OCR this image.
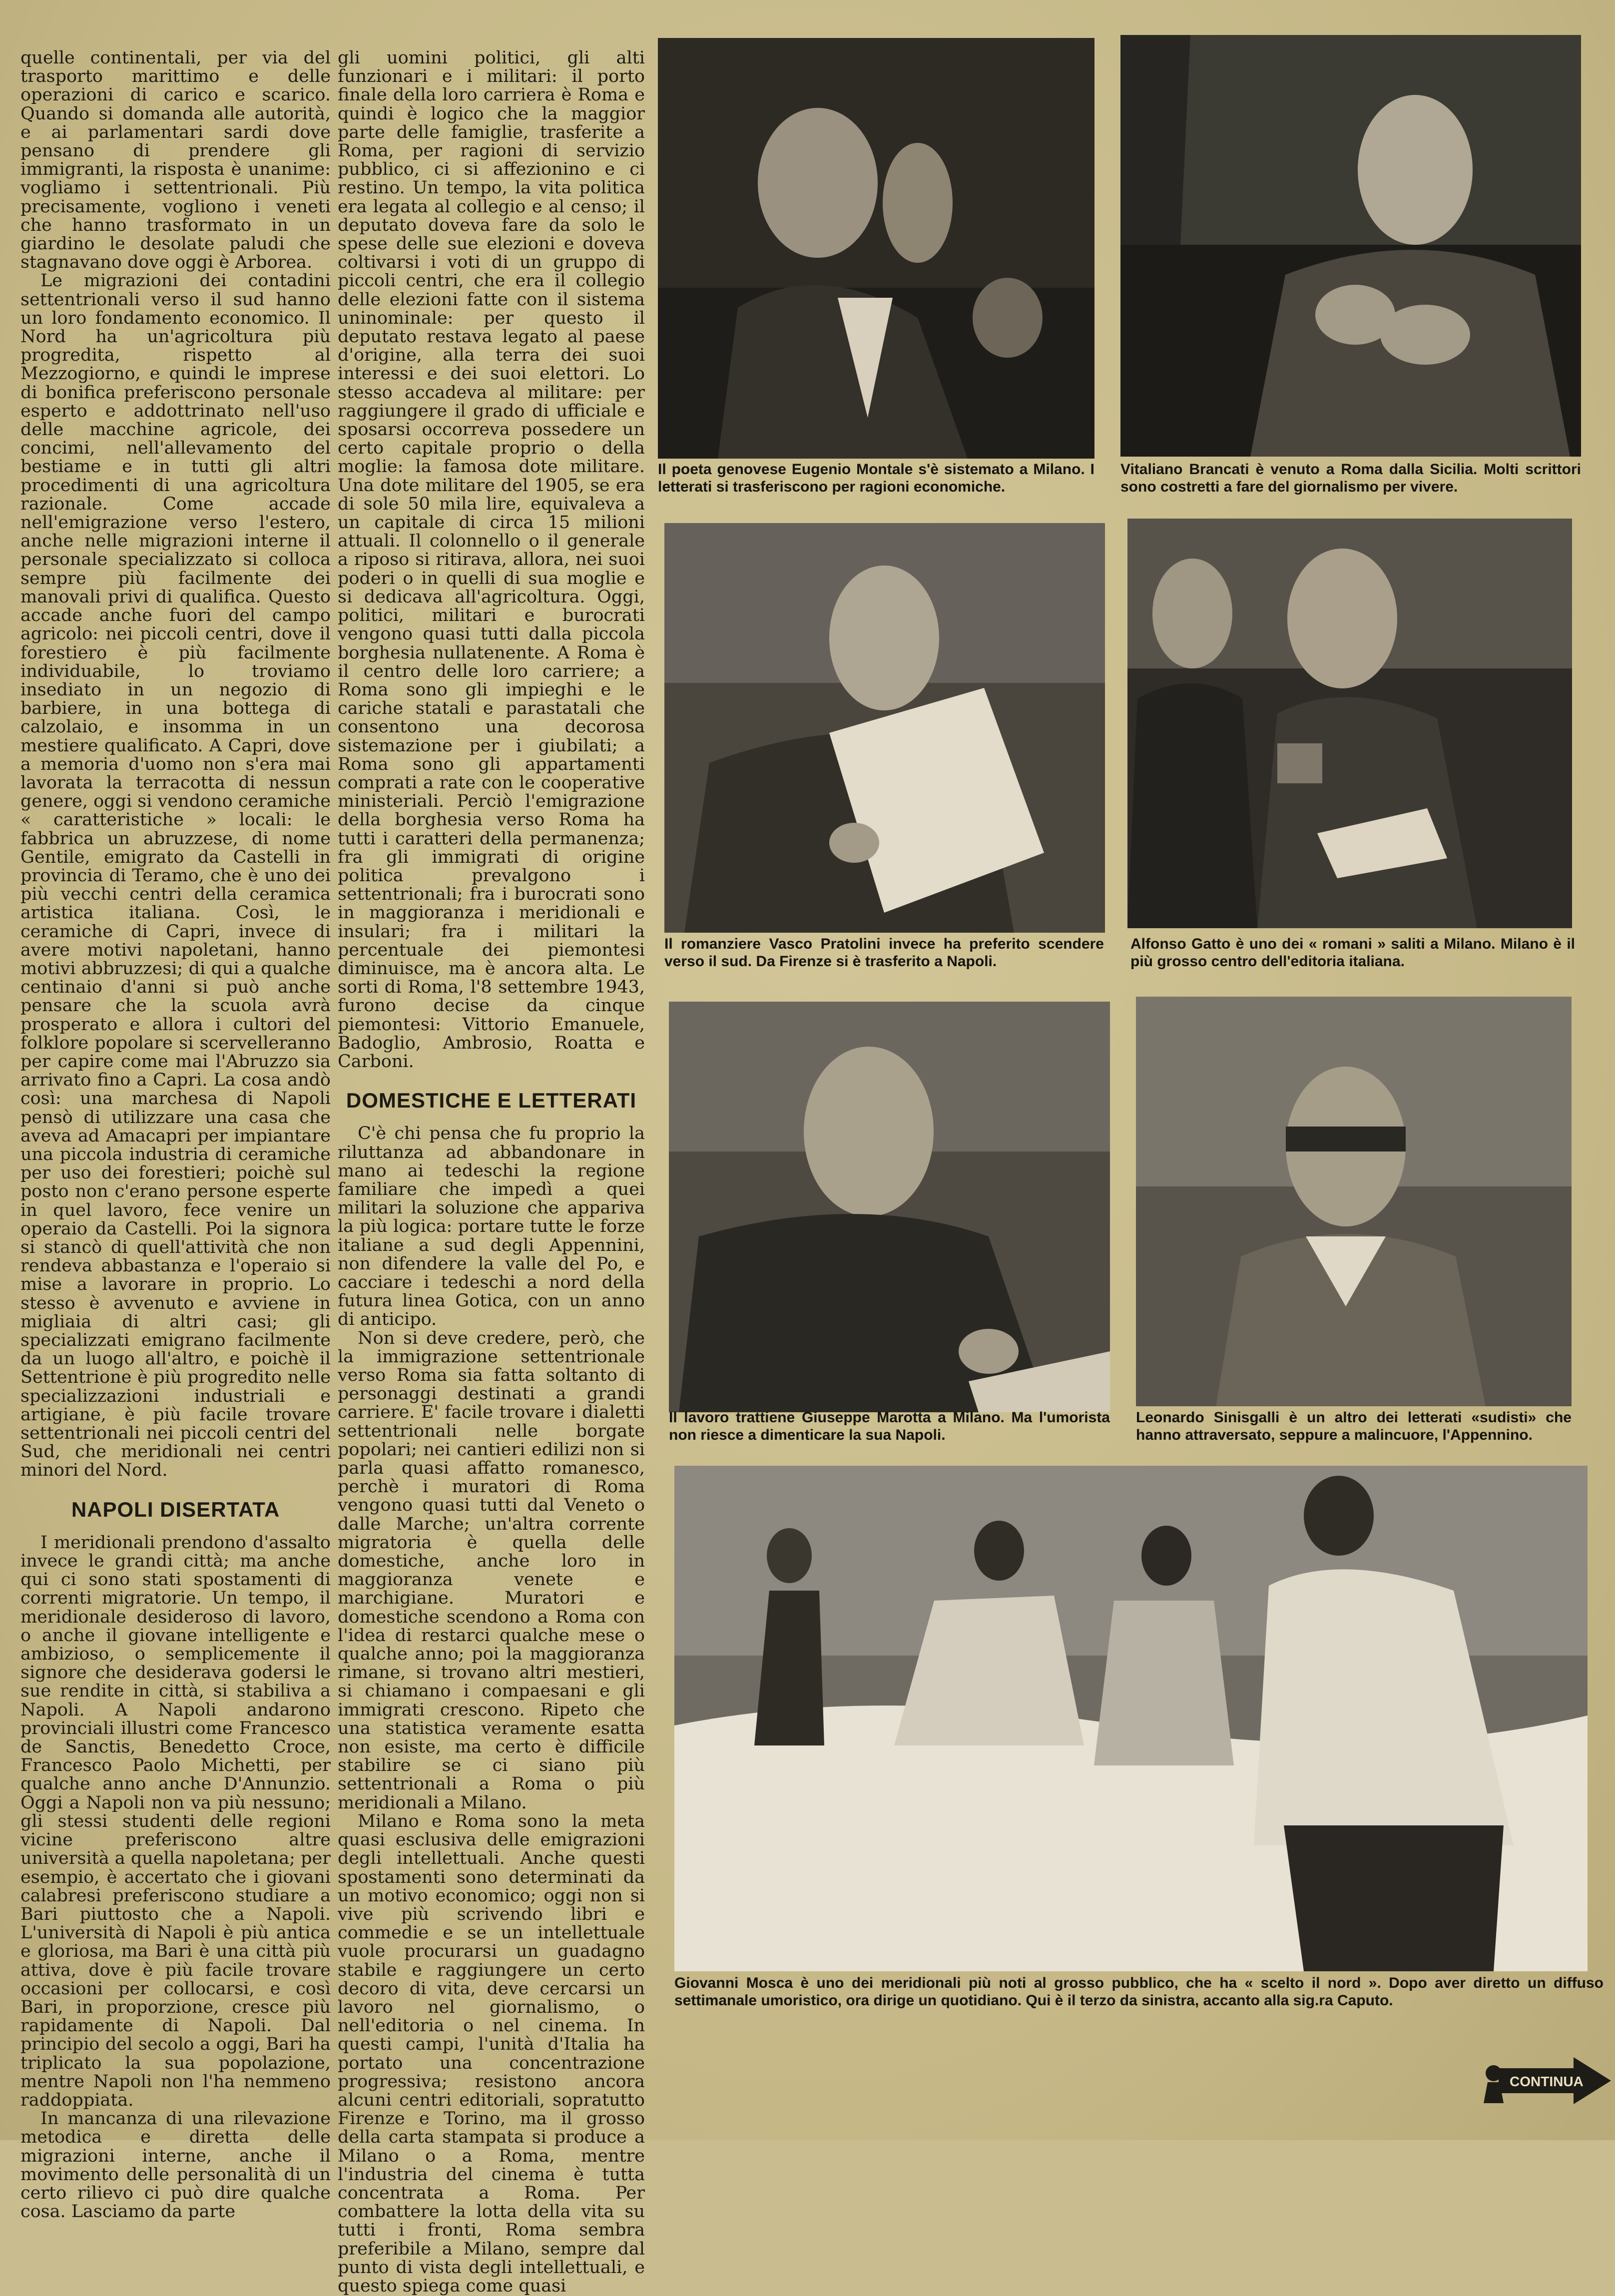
quelle continentali, per via del trasporto marittimo e delle operazioni di carico e scarico. Quando si domanda alle autorità, e ai parlamentari sardi dove pensano di prendere gli immigranti, la risposta è unanime: vogliamo i settentrionali. Più precisamente, vogliono i veneti che hanno trasformato in un giardino le desolate paludi che stagnavano dove oggi è Arborea.

Le migrazioni dei contadini settentrionali verso il sud hanno un loro fondamento economico. Il Nord ha un'agricoltura più progredita, rispetto al Mezzogiorno, e quindi le imprese di bonifica preferiscono personale esperto e addottrinato nell'uso delle macchine agricole, dei concimi, nell'allevamento del bestiame e in tutti gli altri procedimenti di una agricoltura razionale. Come accade nell'emigrazione verso l'estero, anche nelle migrazioni interne il personale specializzato si colloca sempre più facilmente dei manovali privi di qualifica. Questo accade anche fuori del campo agricolo: nei piccoli centri, dove il forestiero è più facilmente individuabile, lo troviamo insediato in un negozio di barbiere, in una bottega di calzolaio, e insomma in un mestiere qualificato. A Capri, dove a memoria d'uomo non s'era mai lavorata la terracotta di nessun genere, oggi si vendono ceramiche « caratteristiche » locali: le fabbrica un abruzzese, di nome Gentile, emigrato da Castelli in provincia di Teramo, che è uno dei più vecchi centri della ceramica artistica italiana. Così, le ceramiche di Capri, invece di avere motivi napoletani, hanno motivi abbruzzesi; di qui a qualche centinaio d'anni si può anche pensare che la scuola avrà prosperato e allora i cultori del folklore popolare si scervelleranno per capire come mai l'Abruzzo sia arrivato fino a Capri. La cosa andò così: una marchesa di Napoli pensò di utilizzare una casa che aveva ad Amacapri per impiantare una piccola industria di ceramiche per uso dei forestieri; poichè sul posto non c'erano persone esperte in quel lavoro, fece venire un operaio da Castelli. Poi la signora si stancò di quell'attività che non rendeva abbastanza e l'operaio si mise a lavorare in proprio. Lo stesso è avvenuto e avviene in migliaia di altri casi; gli specializzati emigrano facilmente da un luogo all'altro, e poichè il Settentrione è più progredito nelle specializzazioni industriali e artigiane, è più facile trovare settentrionali nei piccoli centri del Sud, che meridionali nei centri minori del Nord.

NAPOLI DISERTATA

I meridionali prendono d'assalto invece le grandi città; ma anche qui ci sono stati spostamenti di correnti migratorie. Un tempo, il meridionale desideroso di lavoro, o anche il giovane intelligente e ambizioso, o semplicemente il signore che desiderava godersi le sue rendite in città, si stabiliva a Napoli. A Napoli andarono provinciali illustri come Francesco de Sanctis, Benedetto Croce, Francesco Paolo Michetti, per qualche anno anche D'Annunzio. Oggi a Napoli non va più nessuno; gli stessi studenti delle regioni vicine preferiscono altre università a quella napoletana; per esempio, è accertato che i giovani calabresi preferiscono studiare a Bari piuttosto che a Napoli. L'università di Napoli è più antica e gloriosa, ma Bari è una città più attiva, dove è più facile trovare occasioni per collocarsi, e così Bari, in proporzione, cresce più rapidamente di Napoli. Dal principio del secolo a oggi, Bari ha triplicato la sua popolazione, mentre Napoli non l'ha nemmeno raddoppiata.

In mancanza di una rilevazione metodica e diretta delle migrazioni interne, anche il movimento delle personalità di un certo rilievo ci può dire qualche cosa. Lasciamo da parte

gli uomini politici, gli alti funzionari e i militari: il porto finale della loro carriera è Roma e quindi è logico che la maggior parte delle famiglie, trasferite a Roma, per ragioni di servizio pubblico, ci si affezionino e ci restino. Un tempo, la vita politica era legata al collegio e al censo; il deputato doveva fare da solo le spese delle sue elezioni e doveva coltivarsi i voti di un gruppo di piccoli centri, che era il collegio delle elezioni fatte con il sistema uninominale: per questo il deputato restava legato al paese d'origine, alla terra dei suoi interessi e dei suoi elettori. Lo stesso accadeva al militare: per raggiungere il grado di ufficiale e sposarsi occorreva possedere un certo capitale proprio o della moglie: la famosa dote militare. Una dote militare del 1905, se era di sole 50 mila lire, equivaleva a un capitale di circa 15 milioni attuali. Il colonnello o il generale a riposo si ritirava, allora, nei suoi poderi o in quelli di sua moglie e si dedicava all'agricoltura. Oggi, politici, militari e burocrati vengono quasi tutti dalla piccola borghesia nullatenente. A Roma è il centro delle loro carriere; a Roma sono gli impieghi e le cariche statali e parastatali che consentono una decorosa sistemazione per i giubilati; a Roma sono gli appartamenti comprati a rate con le cooperative ministeriali. Perciò l'emigrazione della borghesia verso Roma ha tutti i caratteri della permanenza; fra gli immigrati di origine politica prevalgono i settentrionali; fra i burocrati sono in maggioranza i meridionali e insulari; fra i militari la percentuale dei piemontesi diminuisce, ma è ancora alta. Le sorti di Roma, l'8 settembre 1943, furono decise da cinque piemontesi: Vittorio Emanuele, Badoglio, Ambrosio, Roatta e Carboni.

DOMESTICHE E LETTERATI

C'è chi pensa che fu proprio la riluttanza ad abbandonare in mano ai tedeschi la regione familiare che impedì a quei militari la soluzione che appariva la più logica: portare tutte le forze italiane a sud degli Appennini, non difendere la valle del Po, e cacciare i tedeschi a nord della futura linea Gotica, con un anno di anticipo.

Non si deve credere, però, che la immigrazione settentrionale verso Roma sia fatta soltanto di personaggi destinati a grandi carriere. E' facile trovare i dialetti settentrionali nelle borgate popolari; nei cantieri edilizi non si parla quasi affatto romanesco, perchè i muratori di Roma vengono quasi tutti dal Veneto o dalle Marche; un'altra corrente migratoria è quella delle domestiche, anche loro in maggioranza venete e marchigiane. Muratori e domestiche scendono a Roma con l'idea di restarci qualche mese o qualche anno; poi la maggioranza rimane, si trovano altri mestieri, si chiamano i compaesani e gli immigrati crescono. Ripeto che una statistica veramente esatta non esiste, ma certo è difficile stabilire se ci siano più settentrionali a Roma o più meridionali a Milano.

Milano e Roma sono la meta quasi esclusiva delle emigrazioni degli intellettuali. Anche questi spostamenti sono determinati da un motivo economico; oggi non si vive più scrivendo libri e commedie e se un intellettuale vuole procurarsi un guadagno stabile e raggiungere un certo decoro di vita, deve cercarsi un lavoro nel giornalismo, o nell'editoria o nel cinema. In questi campi, l'unità d'Italia ha portato una concentrazione progressiva; resistono ancora alcuni centri editoriali, sopratutto Firenze e Torino, ma il grosso della carta stampata si produce a Milano o a Roma, mentre l'industria del cinema è tutta concentrata a Roma. Per combattere la lotta della vita su tutti i fronti, Roma sembra preferibile a Milano, sempre dal punto di vista degli intellettuali, e questo spiega come quasi

Il poeta genovese Eugenio Montale s'è sistemato a Milano. I letterati si trasferiscono per ragioni economiche.
Vitaliano Brancati è venuto a Roma dalla Sicilia. Molti scrittori sono costretti a fare del giornalismo per vivere.
Il romanziere Vasco Pratolini invece ha preferito scendere verso il sud. Da Firenze si è trasferito a Napoli.
Alfonso Gatto è uno dei « romani » saliti a Milano. Milano è il più grosso centro dell'editoria italiana.
Il lavoro trattiene Giuseppe Marotta a Milano. Ma l'umorista non riesce a dimenticare la sua Napoli.
Leonardo Sinisgalli è un altro dei letterati «sudisti» che hanno attraversato, seppure a malincuore, l'Appennino.
Giovanni Mosca è uno dei meridionali più noti al grosso pubblico, che ha « scelto il nord ». Dopo aver diretto un diffuso settimanale umoristico, ora dirige un quotidiano. Qui è il terzo da sinistra, accanto alla sig.ra Caputo.
CONTINUA
